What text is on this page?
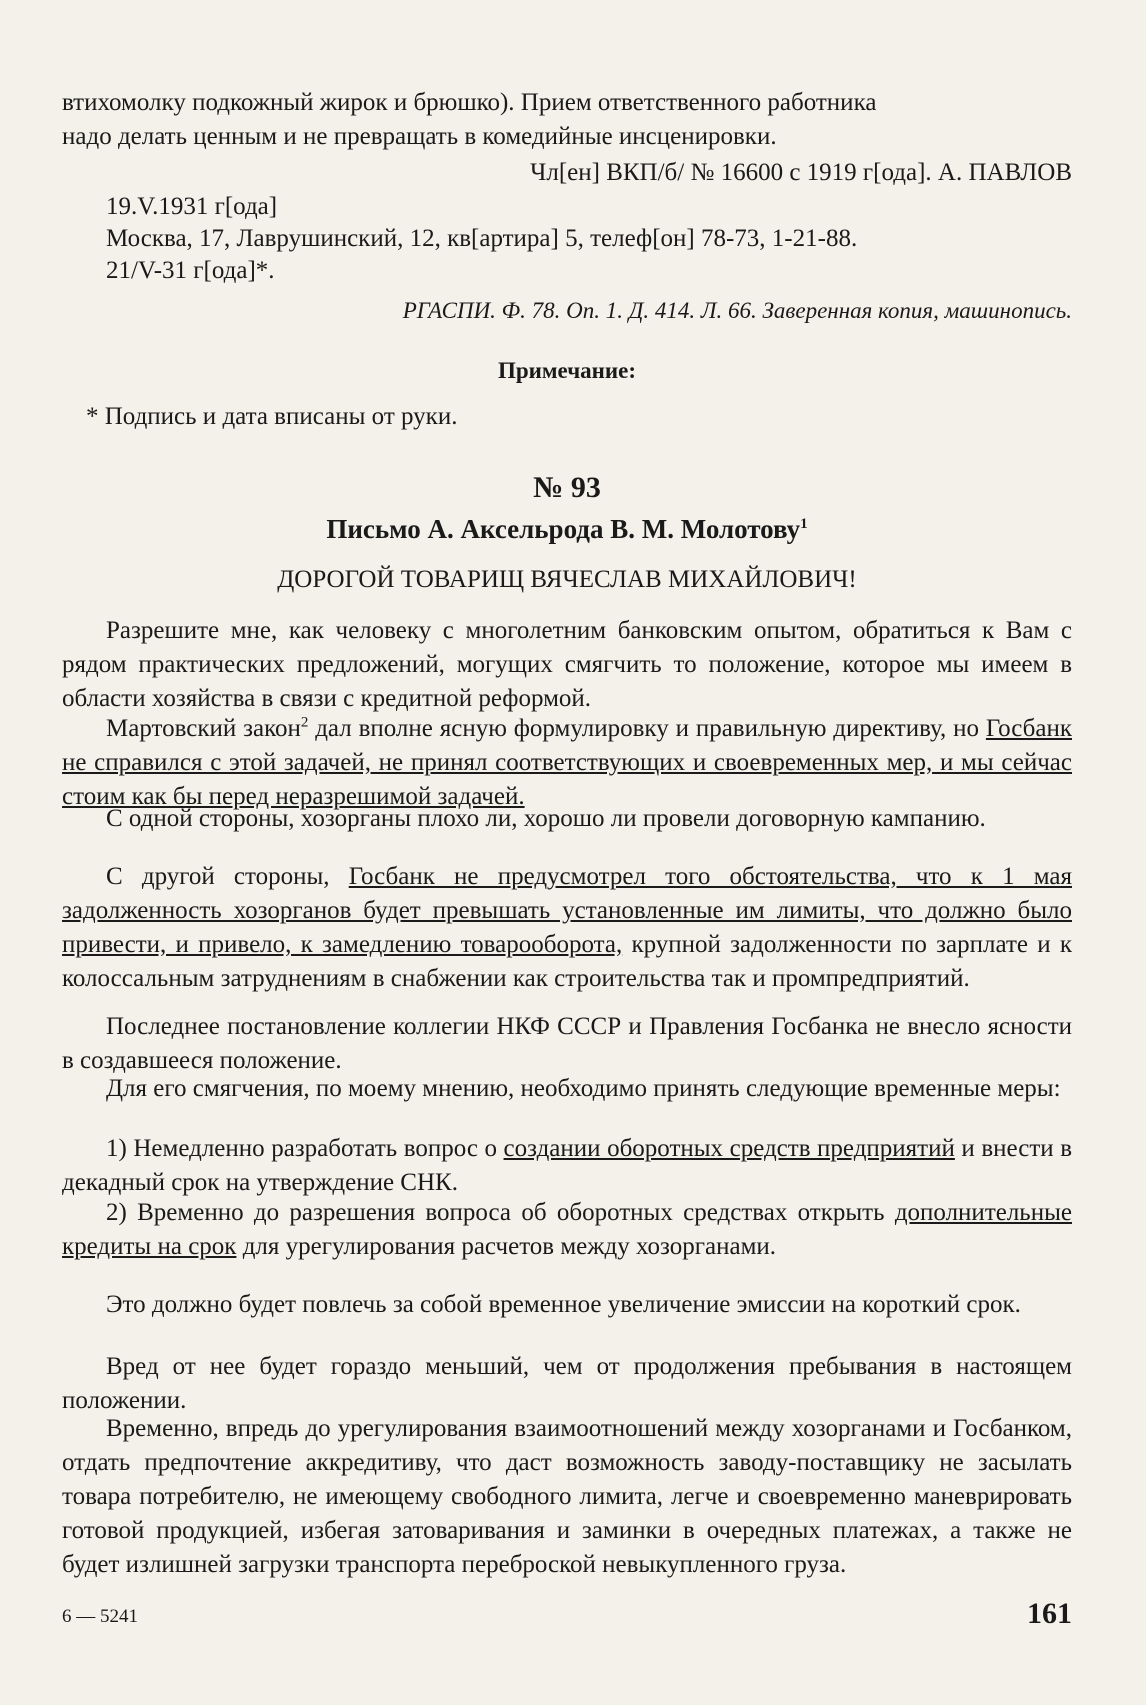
втихомолку подкожный жирок и брюшко). Прием ответственного работника

надо делать ценным и не превращать в комедийные инсценировки.

Чл[ен] ВКП/б/ № 16600 с 1919 г[ода]. А. ПАВЛОВ

19.V.1931 г[ода]

Москва, 17, Лаврушинский, 12, кв[артира] 5, телеф[он] 78-73, 1-21-88.

21/V-31 г[ода]*.

РГАСПИ. Ф. 78. Оп. 1. Д. 414. Л. 66. Заверенная копия, машинопись.

Примечание:

* Подпись и дата вписаны от руки.

№ 93

Письмо А. Аксельрода В. М. Молотову$^1$

ДОРОГОЙ ТОВАРИЩ ВЯЧЕСЛАВ МИХАЙЛОВИЧ!

Разрешите мне, как человеку с многолетним банковским опытом, обратиться к Вам с рядом практических предложений, могущих смягчить то положение, которое мы имеем в области хозяйства в связи с кредитной реформой.

Мартовский закон$^2$ дал вполне ясную формулировку и правильную директиву, но Госбанк не справился с этой задачей, не принял соответствующих и своевременных мер, и мы сейчас стоим как бы перед неразрешимой задачей.

С одной стороны, хозорганы плохо ли, хорошо ли провели договорную кампанию.

С другой стороны, Госбанк не предусмотрел того обстоятельства, что к 1 мая задолженность хозорганов будет превышать установленные им лимиты, что должно было привести, и привело, к замедлению товарооборота, крупной задолженности по зарплате и к колоссальным затруднениям в снабжении как строительства так и промпредприятий.

Последнее постановление коллегии НКФ СССР и Правления Госбанка не внесло ясности в создавшееся положение.

Для его смягчения, по моему мнению, необходимо принять следующие временные меры:

1) Немедленно разработать вопрос о создании оборотных средств предприятий и внести в декадный срок на утверждение СНК.

2) Временно до разрешения вопроса об оборотных средствах открыть дополнительные кредиты на срок для урегулирования расчетов между хозорганами.

Это должно будет повлечь за собой временное увеличение эмиссии на короткий срок.

Вред от нее будет гораздо меньший, чем от продолжения пребывания в настоящем положении.

Временно, впредь до урегулирования взаимоотношений между хозорганами и Госбанком, отдать предпочтение аккредитиву, что даст возможность заводу-поставщику не засылать товара потребителю, не имеющему свободного лимита, легче и своевременно маневрировать готовой продукцией, избегая затоваривания и заминки в очередных платежах, а также не будет излишней загрузки транспорта переброской невыкупленного груза.

6 — 5241	161
